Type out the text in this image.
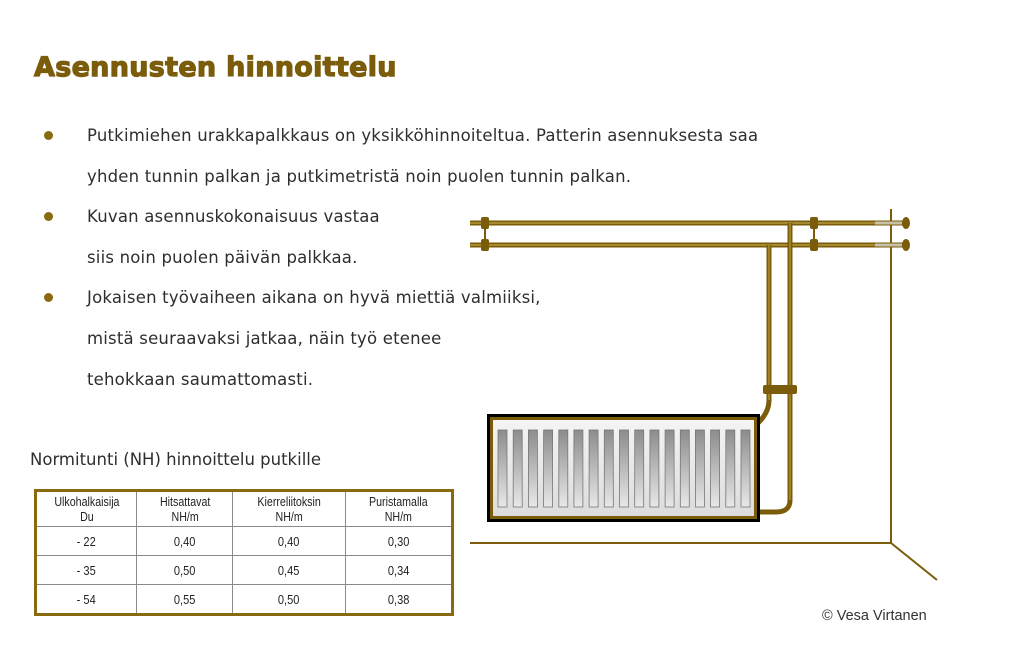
Asennusten hinnoittelu
Putkimiehen urakkapalkkaus on yksikköhinnoiteltua. Patterin asennuksesta saa
yhden tunnin palkan ja putkimetristä noin puolen tunnin palkan.
Kuvan asennuskokonaisuus vastaa
siis noin puolen päivän palkkaa.
Jokaisen työvaiheen aikana on hyvä miettiä valmiiksi,
mistä seuraavaksi jatkaa, näin työ etenee
tehokkaan saumattomasti.
Normitunti (NH) hinnoittelu putkille
Ulkohalkaisija Du	Hitsattavat NH/m	Kierreliitoksin NH/m	Puristamalla NH/m
- 22	0,40	0,40	0,30
- 35	0,50	0,45	0,34
- 54	0,55	0,50	0,38
© Vesa Virtanen
